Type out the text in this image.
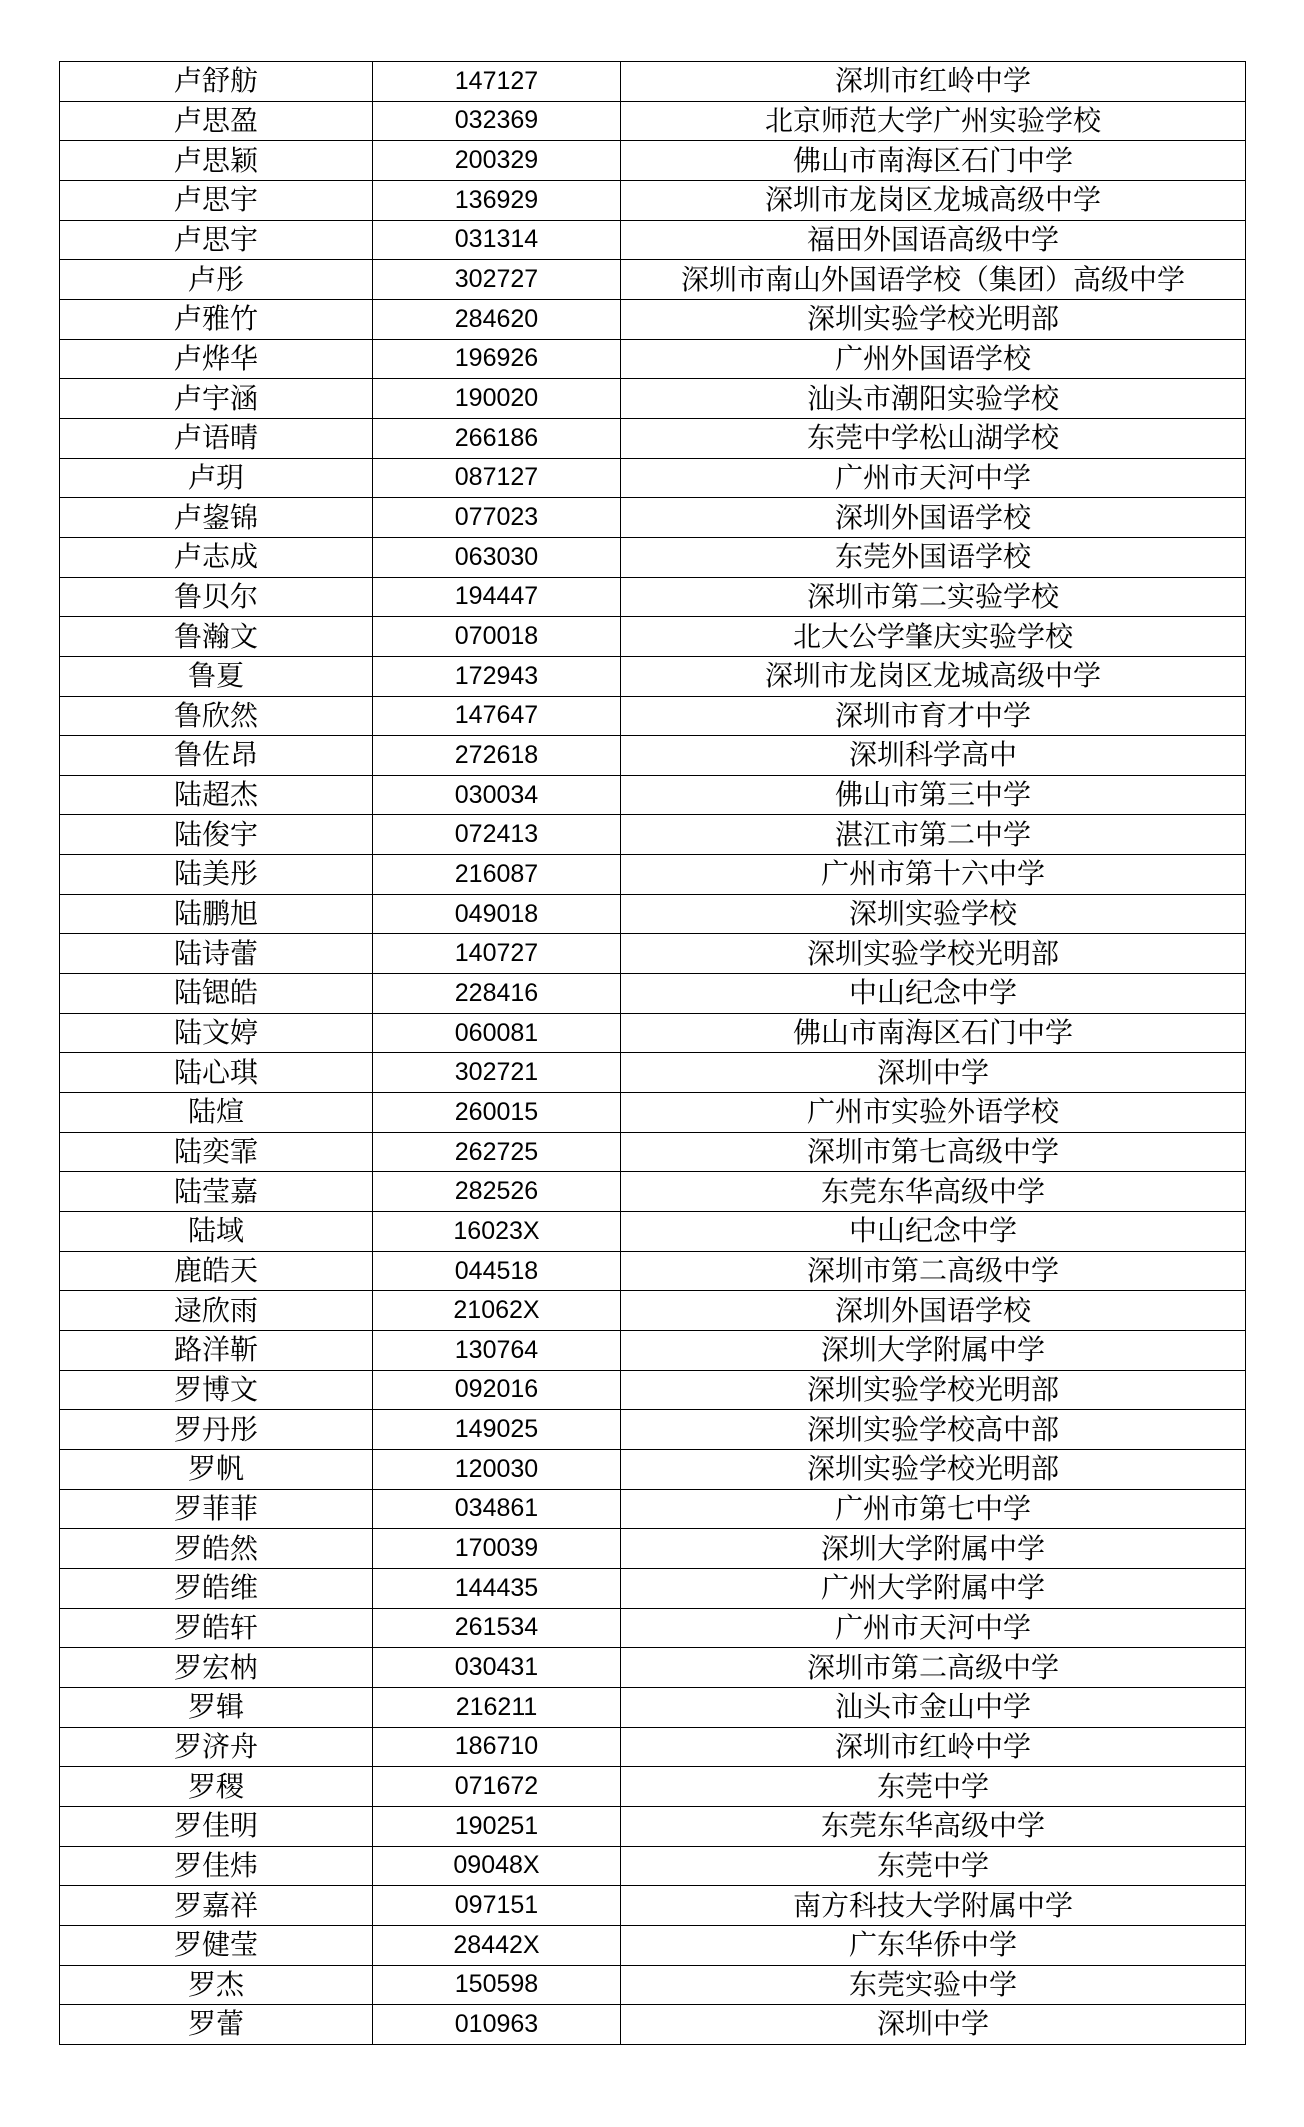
卢舒舫	147127	深圳市红岭中学
卢思盈	032369	北京师范大学广州实验学校
卢思颖	200329	佛山市南海区石门中学
卢思宇	136929	深圳市龙岗区龙城高级中学
卢思宇	031314	福田外国语高级中学
卢彤	302727	深圳市南山外国语学校（集团）高级中学
卢雅竹	284620	深圳实验学校光明部
卢烨华	196926	广州外国语学校
卢宇涵	190020	汕头市潮阳实验学校
卢语晴	266186	东莞中学松山湖学校
卢玥	087127	广州市天河中学
卢鋆锦	077023	深圳外国语学校
卢志成	063030	东莞外国语学校
鲁贝尔	194447	深圳市第二实验学校
鲁瀚文	070018	北大公学肇庆实验学校
鲁夏	172943	深圳市龙岗区龙城高级中学
鲁欣然	147647	深圳市育才中学
鲁佐昂	272618	深圳科学高中
陆超杰	030034	佛山市第三中学
陆俊宇	072413	湛江市第二中学
陆美彤	216087	广州市第十六中学
陆鹏旭	049018	深圳实验学校
陆诗蕾	140727	深圳实验学校光明部
陆锶皓	228416	中山纪念中学
陆文婷	060081	佛山市南海区石门中学
陆心琪	302721	深圳中学
陆煊	260015	广州市实验外语学校
陆奕霏	262725	深圳市第七高级中学
陆莹嘉	282526	东莞东华高级中学
陆域	16023X	中山纪念中学
鹿皓天	044518	深圳市第二高级中学
逯欣雨	21062X	深圳外国语学校
路洋靳	130764	深圳大学附属中学
罗博文	092016	深圳实验学校光明部
罗丹彤	149025	深圳实验学校高中部
罗帆	120030	深圳实验学校光明部
罗菲菲	034861	广州市第七中学
罗皓然	170039	深圳大学附属中学
罗皓维	144435	广州大学附属中学
罗皓轩	261534	广州市天河中学
罗宏枘	030431	深圳市第二高级中学
罗辑	216211	汕头市金山中学
罗济舟	186710	深圳市红岭中学
罗稷	071672	东莞中学
罗佳明	190251	东莞东华高级中学
罗佳炜	09048X	东莞中学
罗嘉祥	097151	南方科技大学附属中学
罗健莹	28442X	广东华侨中学
罗杰	150598	东莞实验中学
罗蕾	010963	深圳中学
